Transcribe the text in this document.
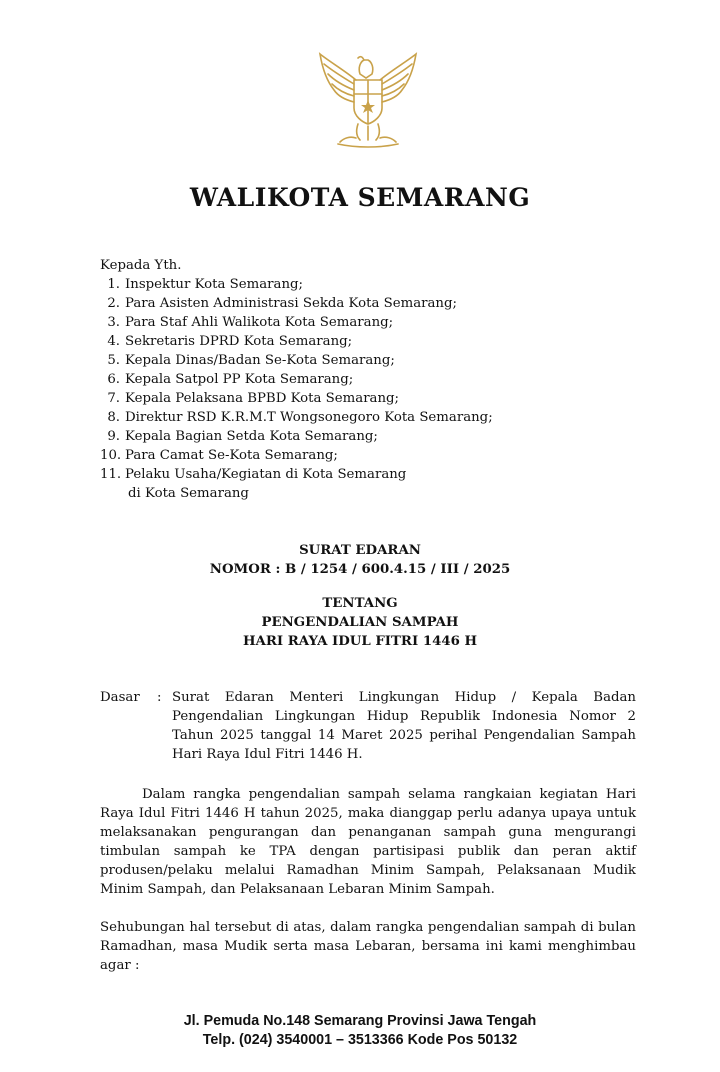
WALIKOTA SEMARANG
Kepada Yth.
1. Inspektur Kota Semarang;
2. Para Asisten Administrasi Sekda Kota Semarang;
3. Para Staf Ahli Walikota Kota Semarang;
4. Sekretaris DPRD Kota Semarang;
5. Kepala Dinas/Badan Se-Kota Semarang;
6. Kepala Satpol PP Kota Semarang;
7. Kepala Pelaksana BPBD Kota Semarang;
8. Direktur RSD K.R.M.T Wongsonegoro Kota Semarang;
9. Kepala Bagian Setda Kota Semarang;
10. Para Camat Se-Kota Semarang;
11. Pelaku Usaha/Kegiatan di Kota Semarang
di Kota Semarang
SURAT EDARAN
NOMOR : B / 1254 / 600.4.15 / III / 2025
TENTANG
PENGENDALIAN SAMPAH
HARI RAYA IDUL FITRI 1446 H
Dasar : Surat Edaran Menteri Lingkungan Hidup / Kepala Badan Pengendalian Lingkungan Hidup Republik Indonesia Nomor 2 Tahun 2025 tanggal 14 Maret 2025 perihal Pengendalian Sampah Hari Raya Idul Fitri 1446 H.
Dalam rangka pengendalian sampah selama rangkaian kegiatan Hari Raya Idul Fitri 1446 H tahun 2025, maka dianggap perlu adanya upaya untuk melaksanakan pengurangan dan penanganan sampah guna mengurangi timbulan sampah ke TPA dengan partisipasi publik dan peran aktif produsen/pelaku melalui Ramadhan Minim Sampah, Pelaksanaan Mudik Minim Sampah, dan Pelaksanaan Lebaran Minim Sampah.
Sehubungan hal tersebut di atas, dalam rangka pengendalian sampah di bulan Ramadhan, masa Mudik serta masa Lebaran, bersama ini kami menghimbau agar :
Jl. Pemuda No.148 Semarang Provinsi Jawa Tengah
Telp. (024) 3540001 – 3513366 Kode Pos 50132
